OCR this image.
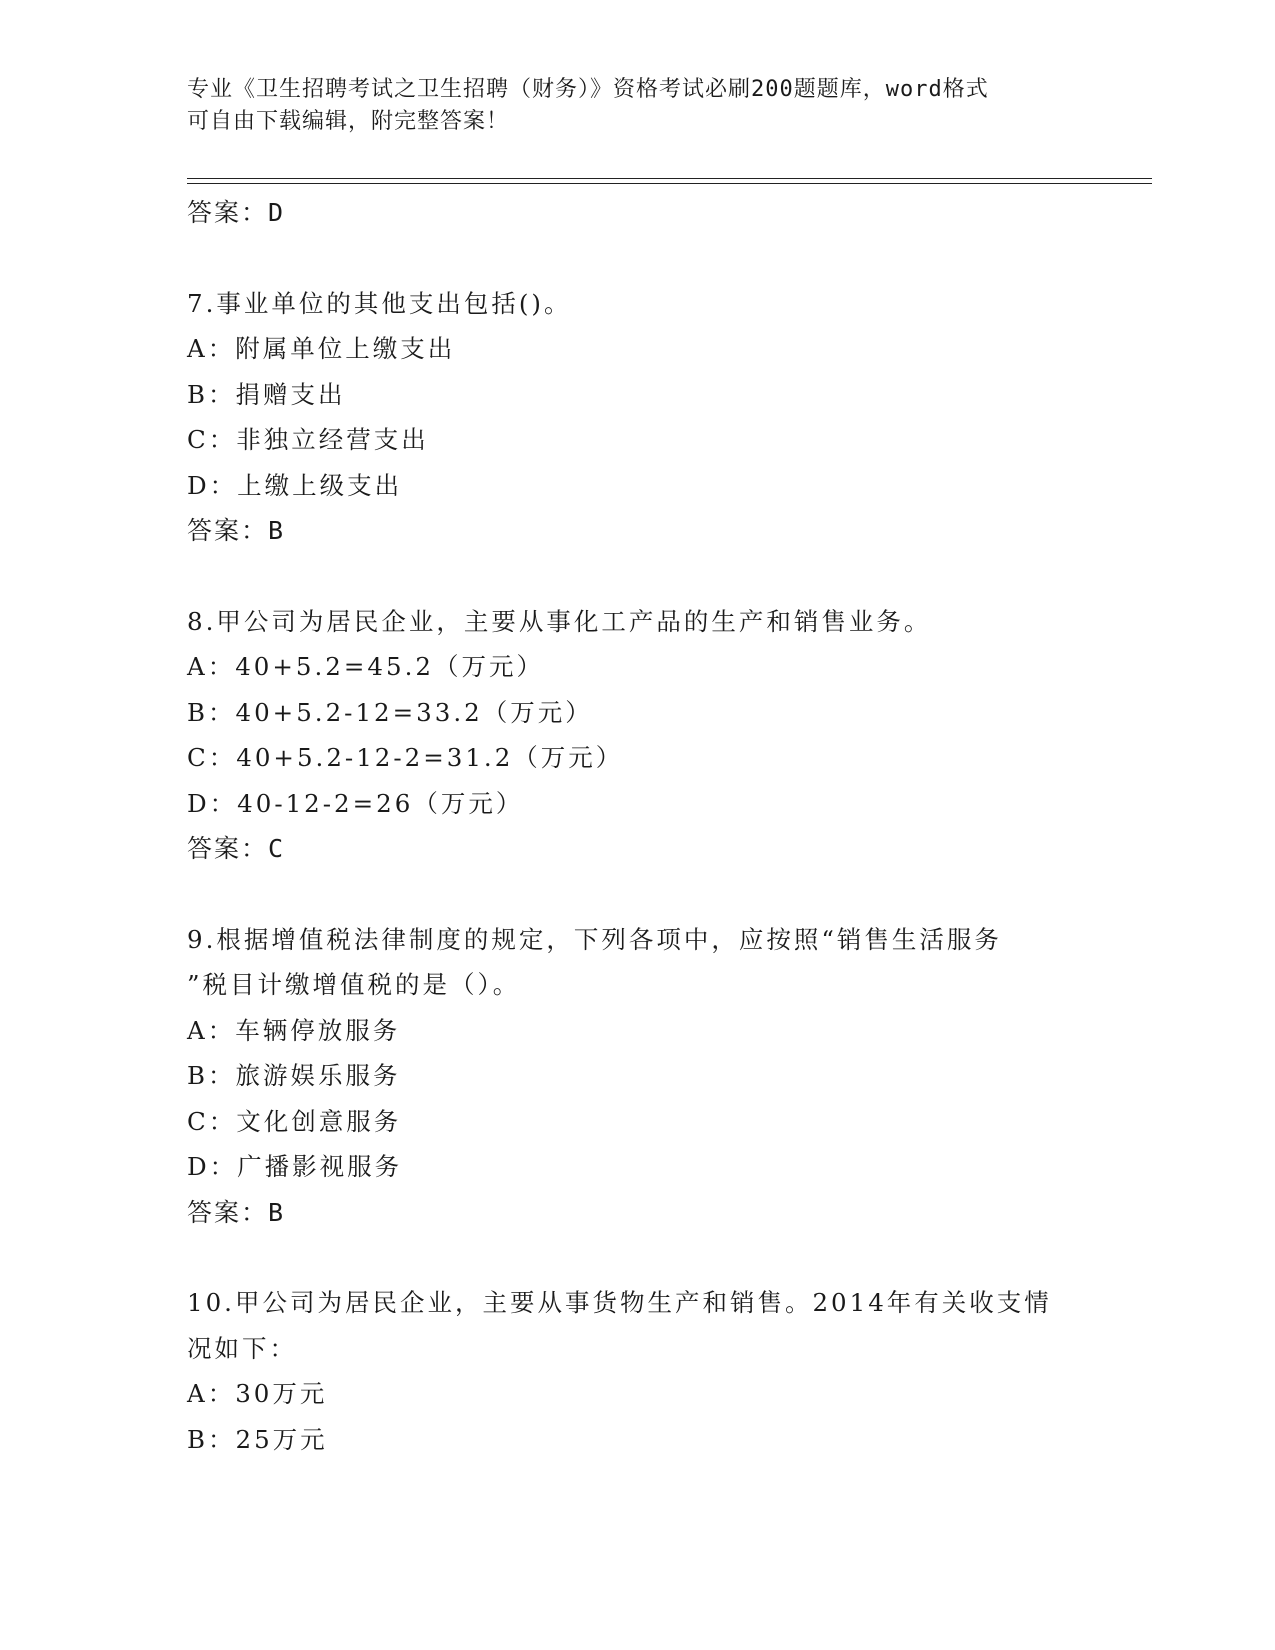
专业《卫生招聘考试之卫生招聘（财务）》资格考试必刷200题题库，word格式
可自由下载编辑，附完整答案！
答案：D
7.事业单位的其他支出包括()。
A：附属单位上缴支出
B：捐赠支出
C：非独立经营支出
D：上缴上级支出
答案：B
8.甲公司为居民企业，主要从事化工产品的生产和销售业务。
A：40+5.2=45.2（万元）
B：40+5.2-12=33.2（万元）
C：40+5.2-12-2=31.2（万元）
D：40-12-2=26（万元）
答案：C
9.根据增值税法律制度的规定，下列各项中，应按照“销售生活服务
”税目计缴增值税的是（）。
A：车辆停放服务
B：旅游娱乐服务
C：文化创意服务
D：广播影视服务
答案：B
10.甲公司为居民企业，主要从事货物生产和销售。2014年有关收支情
况如下：
A：30万元
B：25万元
